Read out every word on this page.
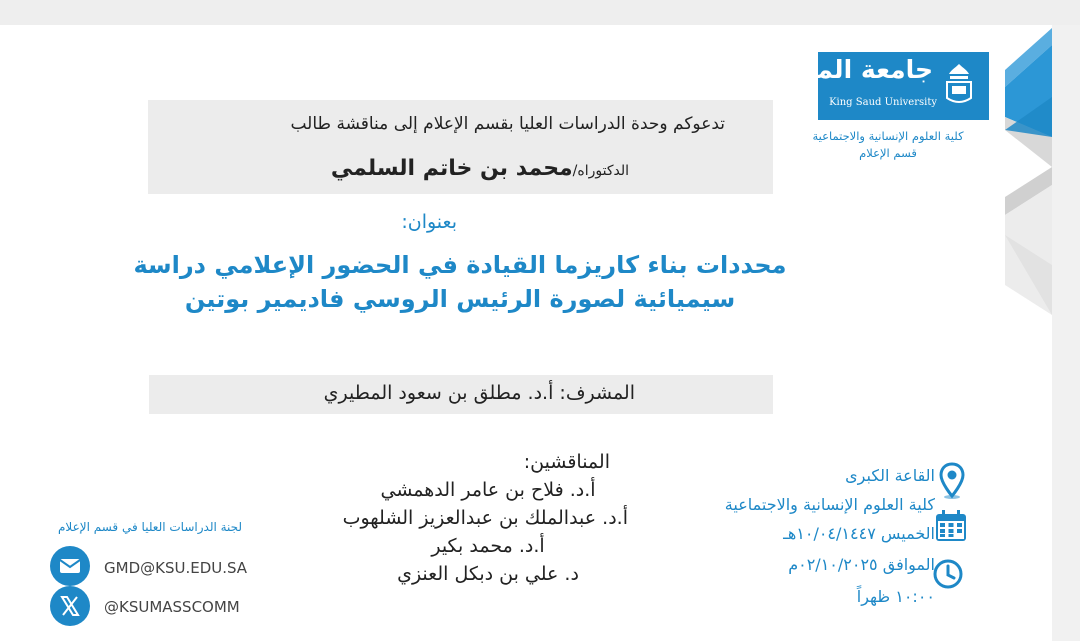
جامعة الملك سعود
King Saud University
كلية العلوم الإنسانية والاجتماعية
قسم الإعلام
تدعوكم وحدة الدراسات العليا بقسم الإعلام إلى مناقشة طالب
الدكتوراه/محمد بن خاتم السلمي
بعنوان:
محددات بناء كاريزما القيادة في الحضور الإعلامي دراسة
سيميائية لصورة الرئيس الروسي فاديمير بوتين
المشرف: أ.د. مطلق بن سعود المطيري
المناقشين:
أ.د. فلاح بن عامر الدهمشي
أ.د. عبدالملك بن عبدالعزيز الشلهوب
أ.د. محمد بكير
د. علي بن دبكل العنزي
القاعة الكبرى
كلية العلوم الإنسانية والاجتماعية
الخميس ١٠/٠٤/١٤٤٧هـ
الموافق ٠٢/١٠/٢٠٢٥م
١٠:٠٠ ظهراً
لجنة الدراسات العليا في قسم الإعلام
GMD@KSU.EDU.SA
@KSUMASSCOMM
